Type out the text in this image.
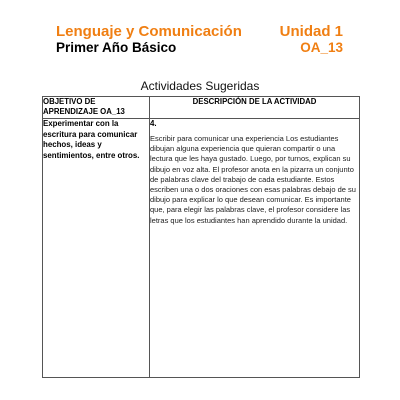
Lenguaje y Comunicación
Primer Año Básico
Unidad 1
OA_13
Actividades Sugeridas
OBJETIVO DE APRENDIZAJE OA_13	DESCRIPCIÓN DE LA ACTIVIDAD
Experimentar con la escritura para comunicar hechos, ideas y sentimientos, entre otros.	4.
Escribir para comunicar una experiencia Los estudiantes dibujan alguna experiencia que quieran compartir o una lectura que les haya gustado. Luego, por turnos, explican su dibujo en voz alta. El profesor anota en la pizarra un conjunto de palabras clave del trabajo de cada estudiante. Estos escriben una o dos oraciones con esas palabras debajo de su dibujo para explicar lo que desean comunicar. Es importante que, para elegir las palabras clave, el profesor considere las letras que los estudiantes han aprendido durante la unidad.
